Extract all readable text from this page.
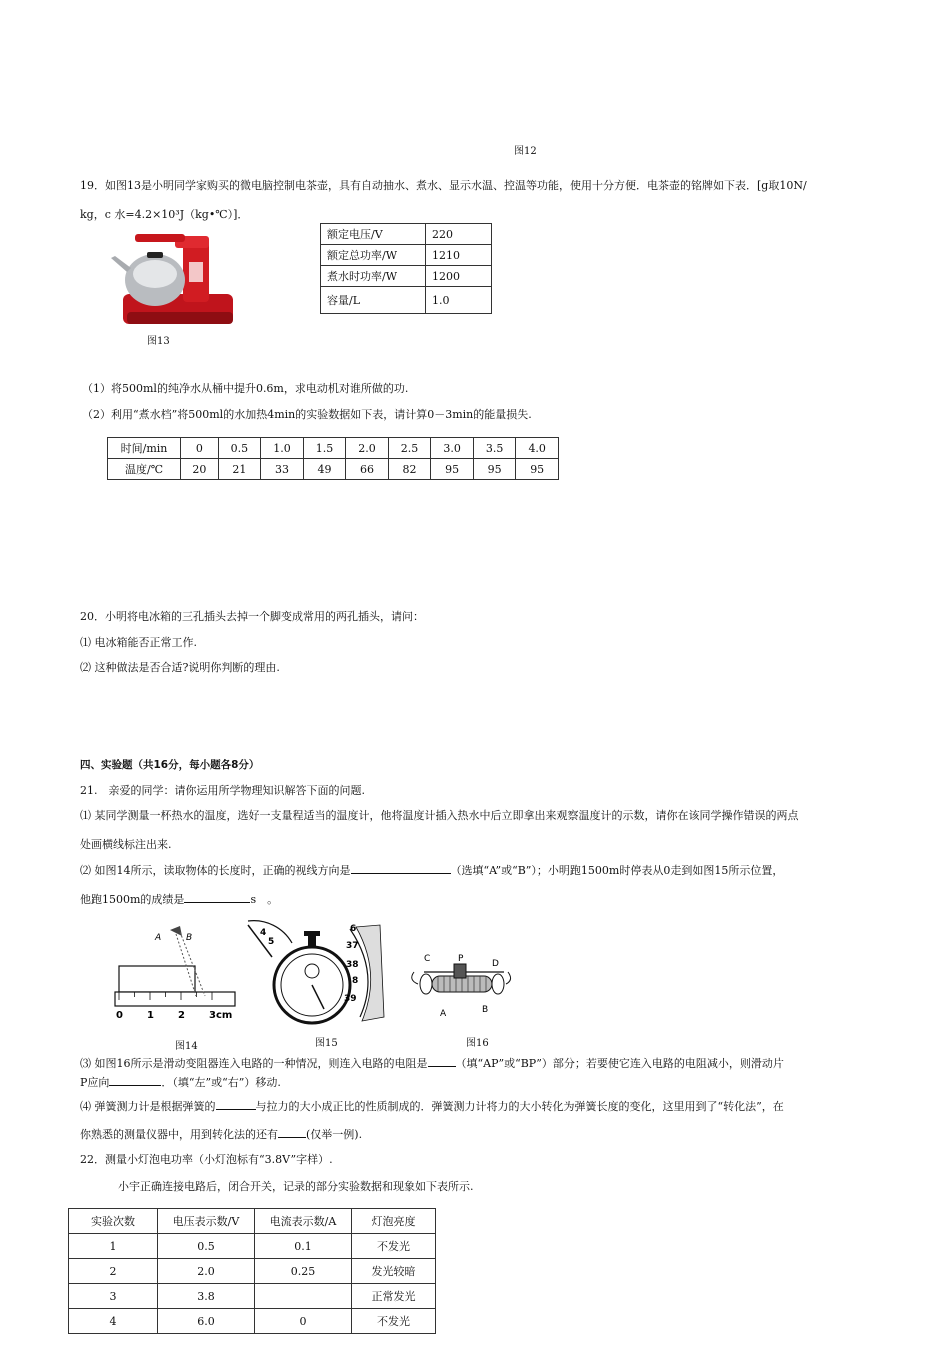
图12
19．如图13是小明同学家购买的微电脑控制电茶壶，具有自动抽水、煮水、显示水温、控温等功能，使用十分方便．电茶壶的铭牌如下表．[g取10N/
kg，c 水=4.2×10³J（kg•℃）]．
图13
额定电压/V	220
额定总功率/W	1210
煮水时功率/W	1200
容量/L	1.0
（1）将500ml的纯净水从桶中提升0.6m，求电动机对谁所做的功.
（2）利用“煮水档”将500ml的水加热4min的实验数据如下表，请计算0－3min的能量损失.
时间/min	0	0.5	1.0	1.5	2.0	2.5	3.0	3.5	4.0
温度/℃	20	21	33	49	66	82	95	95	95
20．小明将电冰箱的三孔插头去掉一个脚变成常用的两孔插头，请问：
⑴ 电冰箱能否正常工作.
⑵ 这种做法是否合适?说明你判断的理由.
四、实验题（共16分，每小题各8分）
21.　亲爱的同学：请你运用所学物理知识解答下面的问题.
⑴ 某同学测量一杯热水的温度，选好一支量程适当的温度计，他将温度计插入热水中后立即拿出来观察温度计的示数，请你在该同学操作错误的两点
处画横线标注出来.
⑵ 如图14所示，读取物体的长度时，正确的视线方向是	（选填“A”或“B”）；小明跑1500m时停表从0走到如图15所示位置，
他跑1500m的成绩是	s　。
0 1 2 3cm
A	B
图14
4
5
6
37
38
8
39
图15
C	P	D
A	B
图16
⑶ 如图16所示是滑动变阻器连入电路的一种情况，则连入电路的电阻是	（填“AP”或“BP”）部分；若要使它连入电路的电阻减小，则滑动片
P应向	．（填“左”或“右”）移动.
⑷ 弹簧测力计是根据弹簧的	与拉力的大小成正比的性质制成的．弹簧测力计将力的大小转化为弹簧长度的变化，这里用到了“转化法”，在
你熟悉的测量仪器中，用到转化法的还有	(仅举一例).
22．测量小灯泡电功率（小灯泡标有“3.8V”字样）.
小宇正确连接电路后，闭合开关，记录的部分实验数据和现象如下表所示.
实验次数	电压表示数/V	电流表示数/A	灯泡亮度
1	0.5	0.1	不发光
2	2.0	0.25	发光较暗
3	3.8		正常发光
4	6.0	0	不发光
